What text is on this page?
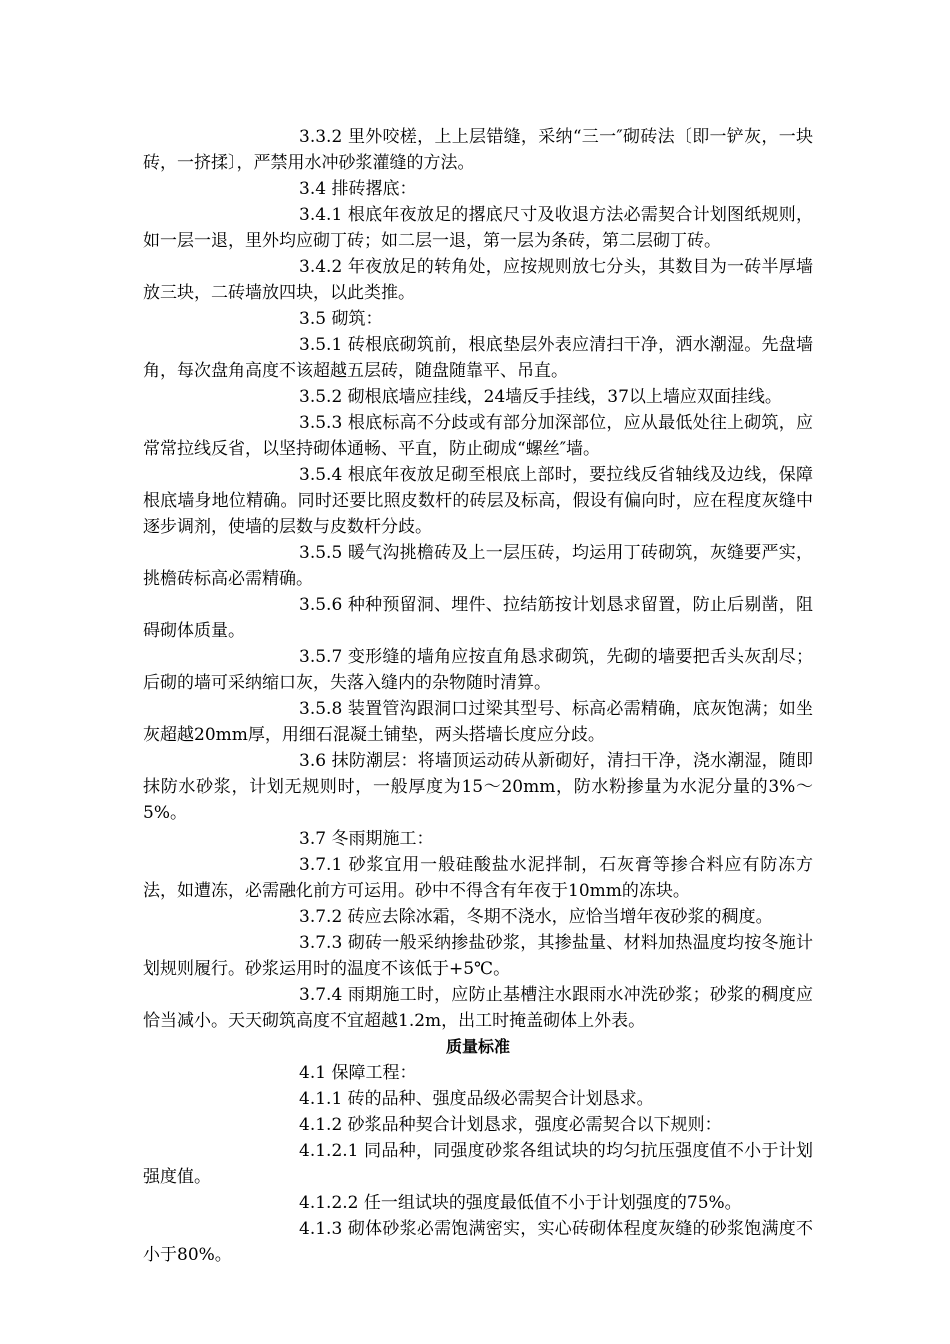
3.3.2 里外咬槎，上上层错缝，采纳“三一″砌砖法〔即一铲灰，一块砖，一挤揉〕，严禁用水冲砂浆灌缝的方法。

3.4 排砖撂底：

3.4.1 根底年夜放足的撂底尺寸及收退方法必需契合计划图纸规则，如一层一退，里外均应砌丁砖；如二层一退，第一层为条砖，第二层砌丁砖。

3.4.2 年夜放足的转角处，应按规则放七分头，其数目为一砖半厚墙放三块，二砖墙放四块，以此类推。

3.5 砌筑：

3.5.1 砖根底砌筑前，根底垫层外表应清扫干净，洒水潮湿。先盘墙角，每次盘角高度不该超越五层砖，随盘随靠平、吊直。

3.5.2 砌根底墙应挂线，24墙反手挂线，37以上墙应双面挂线。

3.5.3 根底标高不分歧或有部分加深部位，应从最低处往上砌筑，应常常拉线反省，以坚持砌体通畅、平直，防止砌成“螺丝″墙。

3.5.4 根底年夜放足砌至根底上部时，要拉线反省轴线及边线，保障根底墙身地位精确。同时还要比照皮数杆的砖层及标高，假设有偏向时，应在程度灰缝中逐步调剂，使墙的层数与皮数杆分歧。

3.5.5 暖气沟挑檐砖及上一层压砖，均运用丁砖砌筑，灰缝要严实，挑檐砖标高必需精确。

3.5.6 种种预留洞、埋件、拉结筋按计划恳求留置，防止后剔凿，阻碍砌体质量。

3.5.7 变形缝的墙角应按直角恳求砌筑，先砌的墙要把舌头灰刮尽；后砌的墙可采纳缩口灰，失落入缝内的杂物随时清算。

3.5.8 装置管沟跟洞口过梁其型号、标高必需精确，底灰饱满；如坐灰超越20mm厚，用细石混凝土铺垫，两头搭墙长度应分歧。

3.6 抹防潮层：将墙顶运动砖从新砌好，清扫干净，浇水潮湿，随即抹防水砂浆，计划无规则时，一般厚度为15～20mm，防水粉掺量为水泥分量的3%～5%。

3.7 冬雨期施工：

3.7.1 砂浆宜用一般硅酸盐水泥拌制，石灰膏等掺合料应有防冻方法，如遭冻，必需融化前方可运用。砂中不得含有年夜于10mm的冻块。

3.7.2 砖应去除冰霜，冬期不浇水，应恰当增年夜砂浆的稠度。

3.7.3 砌砖一般采纳掺盐砂浆，其掺盐量、材料加热温度均按冬施计划规则履行。砂浆运用时的温度不该低于+5℃。

3.7.4 雨期施工时，应防止基槽注水跟雨水冲洗砂浆；砂浆的稠度应恰当减小。天天砌筑高度不宜超越1.2m，出工时掩盖砌体上外表。

质量标准

4.1 保障工程：

4.1.1 砖的品种、强度品级必需契合计划恳求。

4.1.2 砂浆品种契合计划恳求，强度必需契合以下规则：

4.1.2.1 同品种，同强度砂浆各组试块的均匀抗压强度值不小于计划强度值。

4.1.2.2 任一组试块的强度最低值不小于计划强度的75%。

4.1.3 砌体砂浆必需饱满密实，实心砖砌体程度灰缝的砂浆饱满度不小于80%。
